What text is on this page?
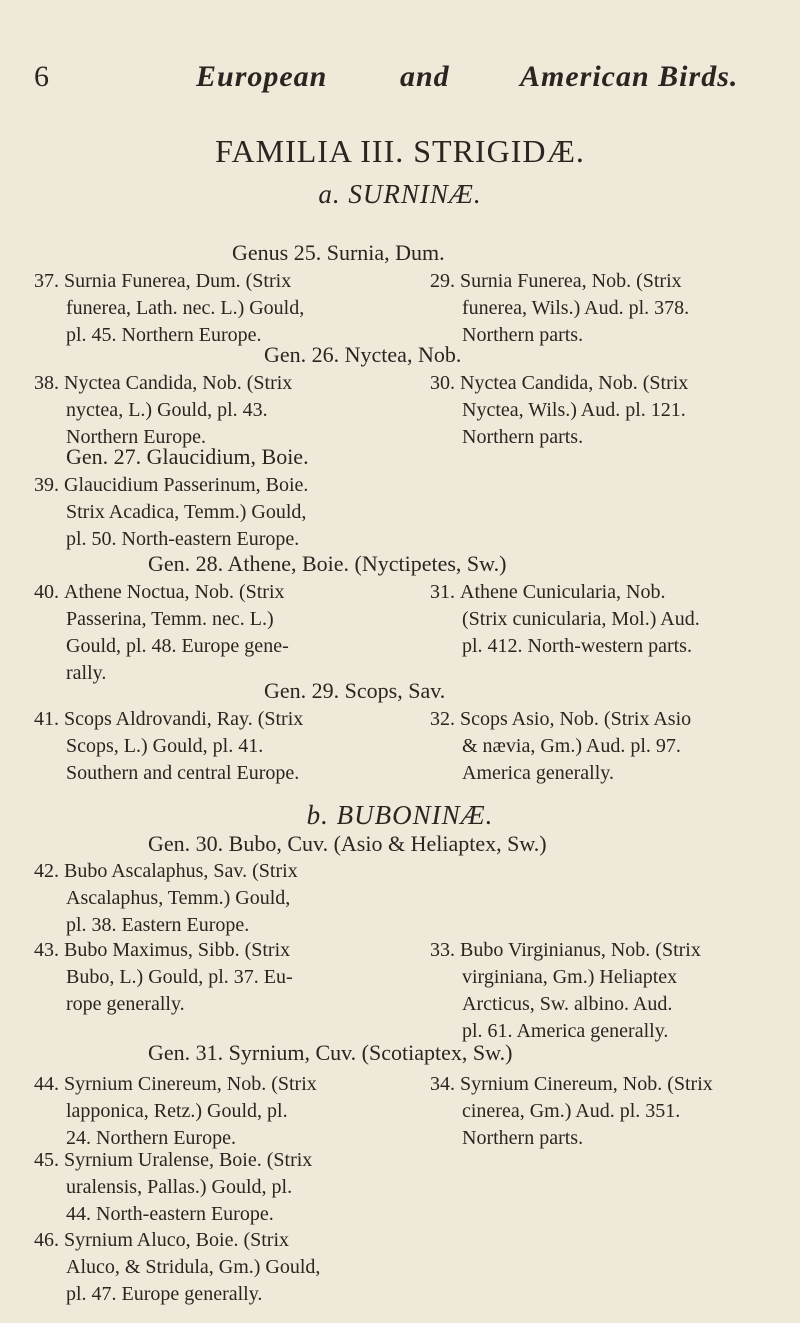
6	European and American Birds.
FAMILIA III. STRIGIDÆ.
a. SURNINÆ.
Genus 25. Surnia, Dum.

37.

Surnia Funerea, Dum. (Strix

funerea, Lath. nec. L.) Gould,

pl. 45. Northern Europe.

29.

Surnia Funerea, Nob. (Strix

funerea, Wils.) Aud. pl. 378.

Northern parts.

Gen. 26. Nyctea, Nob.

38.

Nyctea Candida, Nob. (Strix

nyctea, L.) Gould, pl. 43.

Northern Europe.

30.

Nyctea Candida, Nob. (Strix

Nyctea, Wils.) Aud. pl. 121.

Northern parts.

Gen. 27. Glaucidium, Boie.

39.

Glaucidium Passerinum, Boie.

Strix Acadica, Temm.) Gould,

pl. 50. North-eastern Europe.

Gen. 28. Athene, Boie. (Nyctipetes, Sw.)

40.

Athene Noctua, Nob. (Strix

Passerina, Temm. nec. L.)

Gould, pl. 48. Europe gene-

rally.

31.

Athene Cunicularia, Nob.

(Strix cunicularia, Mol.) Aud.

pl. 412. North-western parts.

Gen. 29. Scops, Sav.

41.

Scops Aldrovandi, Ray. (Strix

Scops, L.) Gould, pl. 41.

Southern and central Europe.

32.

Scops Asio, Nob. (Strix Asio

& nævia, Gm.) Aud. pl. 97.

America generally.

b. BUBONINÆ.
Gen. 30. Bubo, Cuv. (Asio & Heliaptex, Sw.)

42.

Bubo Ascalaphus, Sav. (Strix

Ascalaphus, Temm.) Gould,

pl. 38. Eastern Europe.

43.

Bubo Maximus, Sibb. (Strix

Bubo, L.) Gould, pl. 37. Eu-

rope generally.

33.

Bubo Virginianus, Nob. (Strix

virginiana, Gm.) Heliaptex

Arcticus, Sw. albino. Aud.

pl. 61. America generally.

Gen. 31. Syrnium, Cuv. (Scotiaptex, Sw.)

44.

Syrnium Cinereum, Nob. (Strix

lapponica, Retz.) Gould, pl.

24. Northern Europe.

34.

Syrnium Cinereum, Nob. (Strix

cinerea, Gm.) Aud. pl. 351.

Northern parts.

45.

Syrnium Uralense, Boie. (Strix

uralensis, Pallas.) Gould, pl.

44. North-eastern Europe.

46.

Syrnium Aluco, Boie. (Strix

Aluco, & Stridula, Gm.) Gould,

pl. 47. Europe generally.
